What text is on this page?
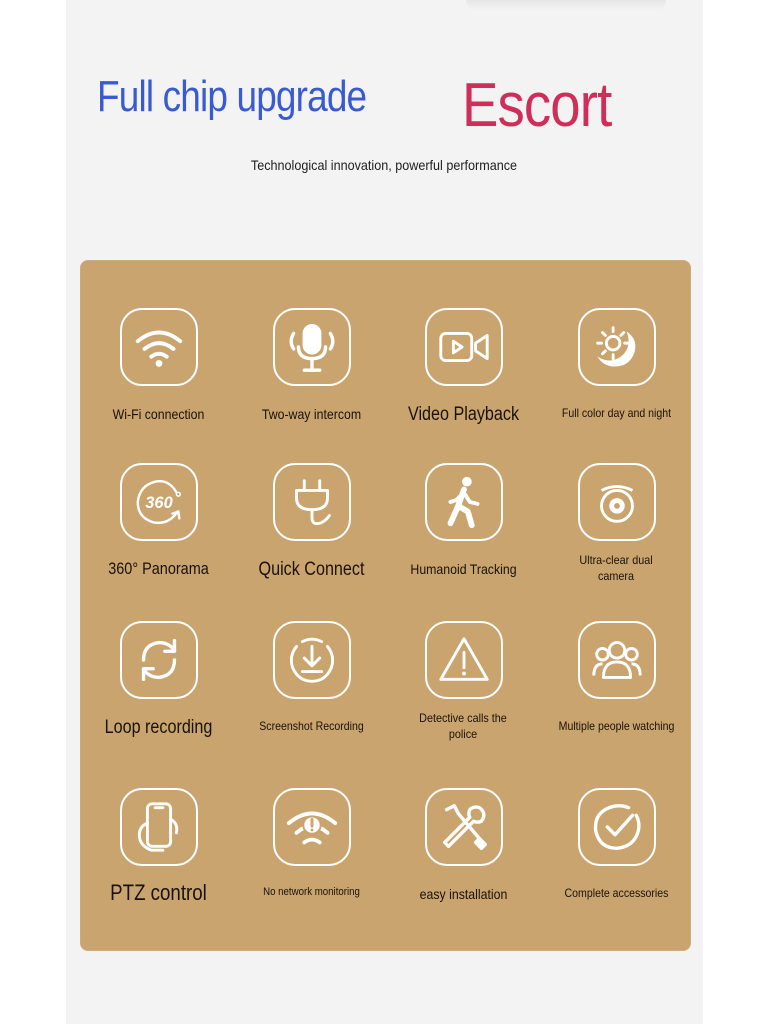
Full chip upgrade Escort
Technological innovation, powerful performance
Wi-Fi connection	Two-way intercom	Video Playback	Full color day and night
360
360° Panorama	Quick Connect	Humanoid Tracking
Ultra-clear dual camera
Loop recording	Screenshot Recording
Detective calls the police
Multiple people watching
PTZ control	No network monitoring	easy installation	Complete accessories
